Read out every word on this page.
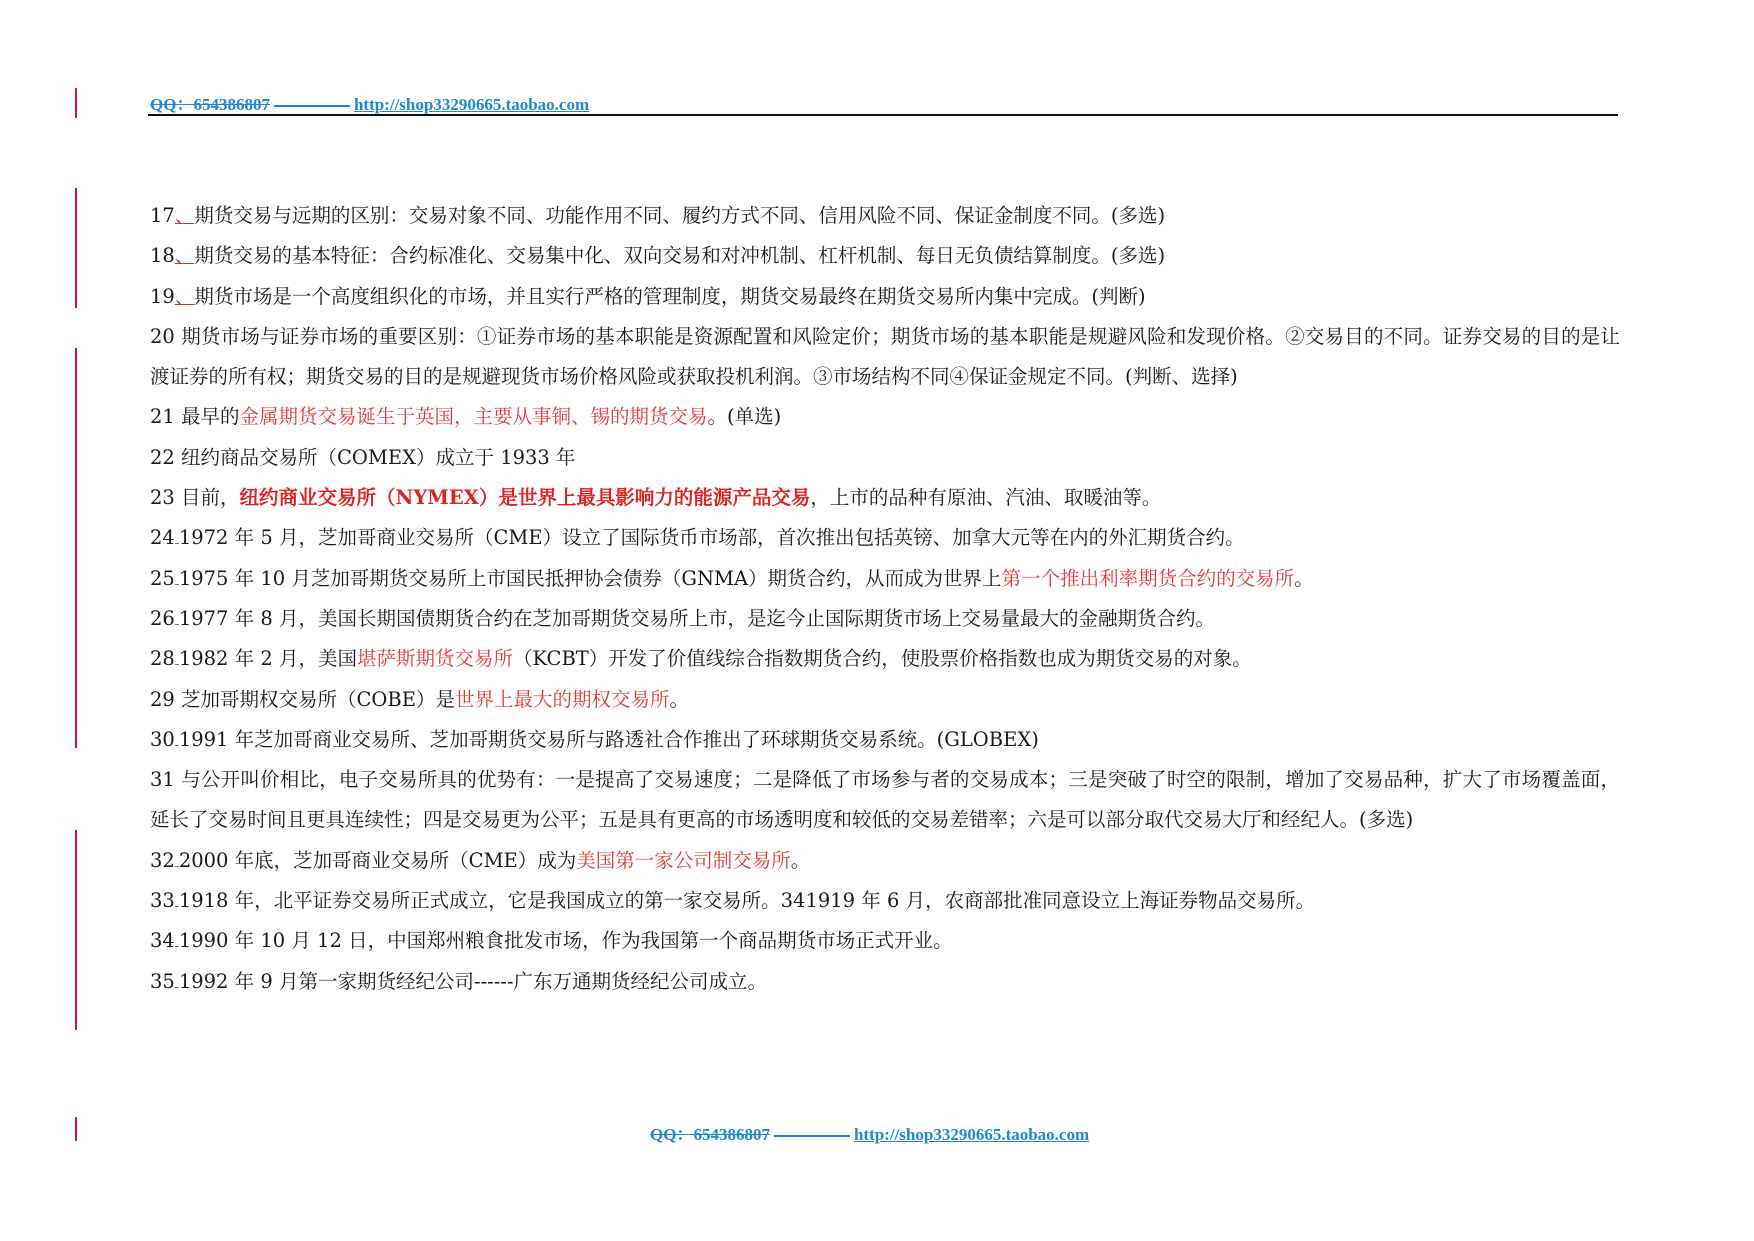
QQ：654386807	http://shop33290665.taobao.com

17、期货交易与远期的区别：交易对象不同、功能作用不同、履约方式不同、信用风险不同、保证金制度不同。(多选)

18、期货交易的基本特征：合约标准化、交易集中化、双向交易和对冲机制、杠杆机制、每日无负债结算制度。(多选)

19、期货市场是一个高度组织化的市场，并且实行严格的管理制度，期货交易最终在期货交易所内集中完成。(判断)

20 期货市场与证券市场的重要区别：①证券市场的基本职能是资源配置和风险定价；期货市场的基本职能是规避风险和发现价格。②交易目的不同。证券交易的目的是让渡证券的所有权；期货交易的目的是规避现货市场价格风险或获取投机利润。③市场结构不同④保证金规定不同。(判断、选择)

21 最早的金属期货交易诞生于英国，主要从事铜、锡的期货交易。(单选)

22 纽约商品交易所（COMEX）成立于 1933 年

23 目前，纽约商业交易所（NYMEX）是世界上最具影响力的能源产品交易，上市的品种有原油、汽油、取暖油等。

24 1972 年 5 月，芝加哥商业交易所（CME）设立了国际货币市场部，首次推出包括英镑、加拿大元等在内的外汇期货合约。

25 1975 年 10 月芝加哥期货交易所上市国民抵押协会债券（GNMA）期货合约，从而成为世界上第一个推出利率期货合约的交易所。

26 1977 年 8 月，美国长期国债期货合约在芝加哥期货交易所上市，是迄今止国际期货市场上交易量最大的金融期货合约。

28 1982 年 2 月，美国堪萨斯期货交易所（KCBT）开发了价值线综合指数期货合约，使股票价格指数也成为期货交易的对象。

29 芝加哥期权交易所（COBE）是世界上最大的期权交易所。

30 1991 年芝加哥商业交易所、芝加哥期货交易所与路透社合作推出了环球期货交易系统。(GLOBEX)

31 与公开叫价相比，电子交易所具的优势有：一是提高了交易速度；二是降低了市场参与者的交易成本；三是突破了时空的限制，增加了交易品种，扩大了市场覆盖面，延长了交易时间且更具连续性；四是交易更为公平；五是具有更高的市场透明度和较低的交易差错率；六是可以部分取代交易大厅和经纪人。(多选)

32 2000 年底，芝加哥商业交易所（CME）成为美国第一家公司制交易所。

33 1918 年，北平证券交易所正式成立，它是我国成立的第一家交易所。341919 年 6 月，农商部批准同意设立上海证券物品交易所。

34 1990 年 10 月 12 日，中国郑州粮食批发市场，作为我国第一个商品期货市场正式开业。

35 1992 年 9 月第一家期货经纪公司------广东万通期货经纪公司成立。

QQ：654386807	http://shop33290665.taobao.com
